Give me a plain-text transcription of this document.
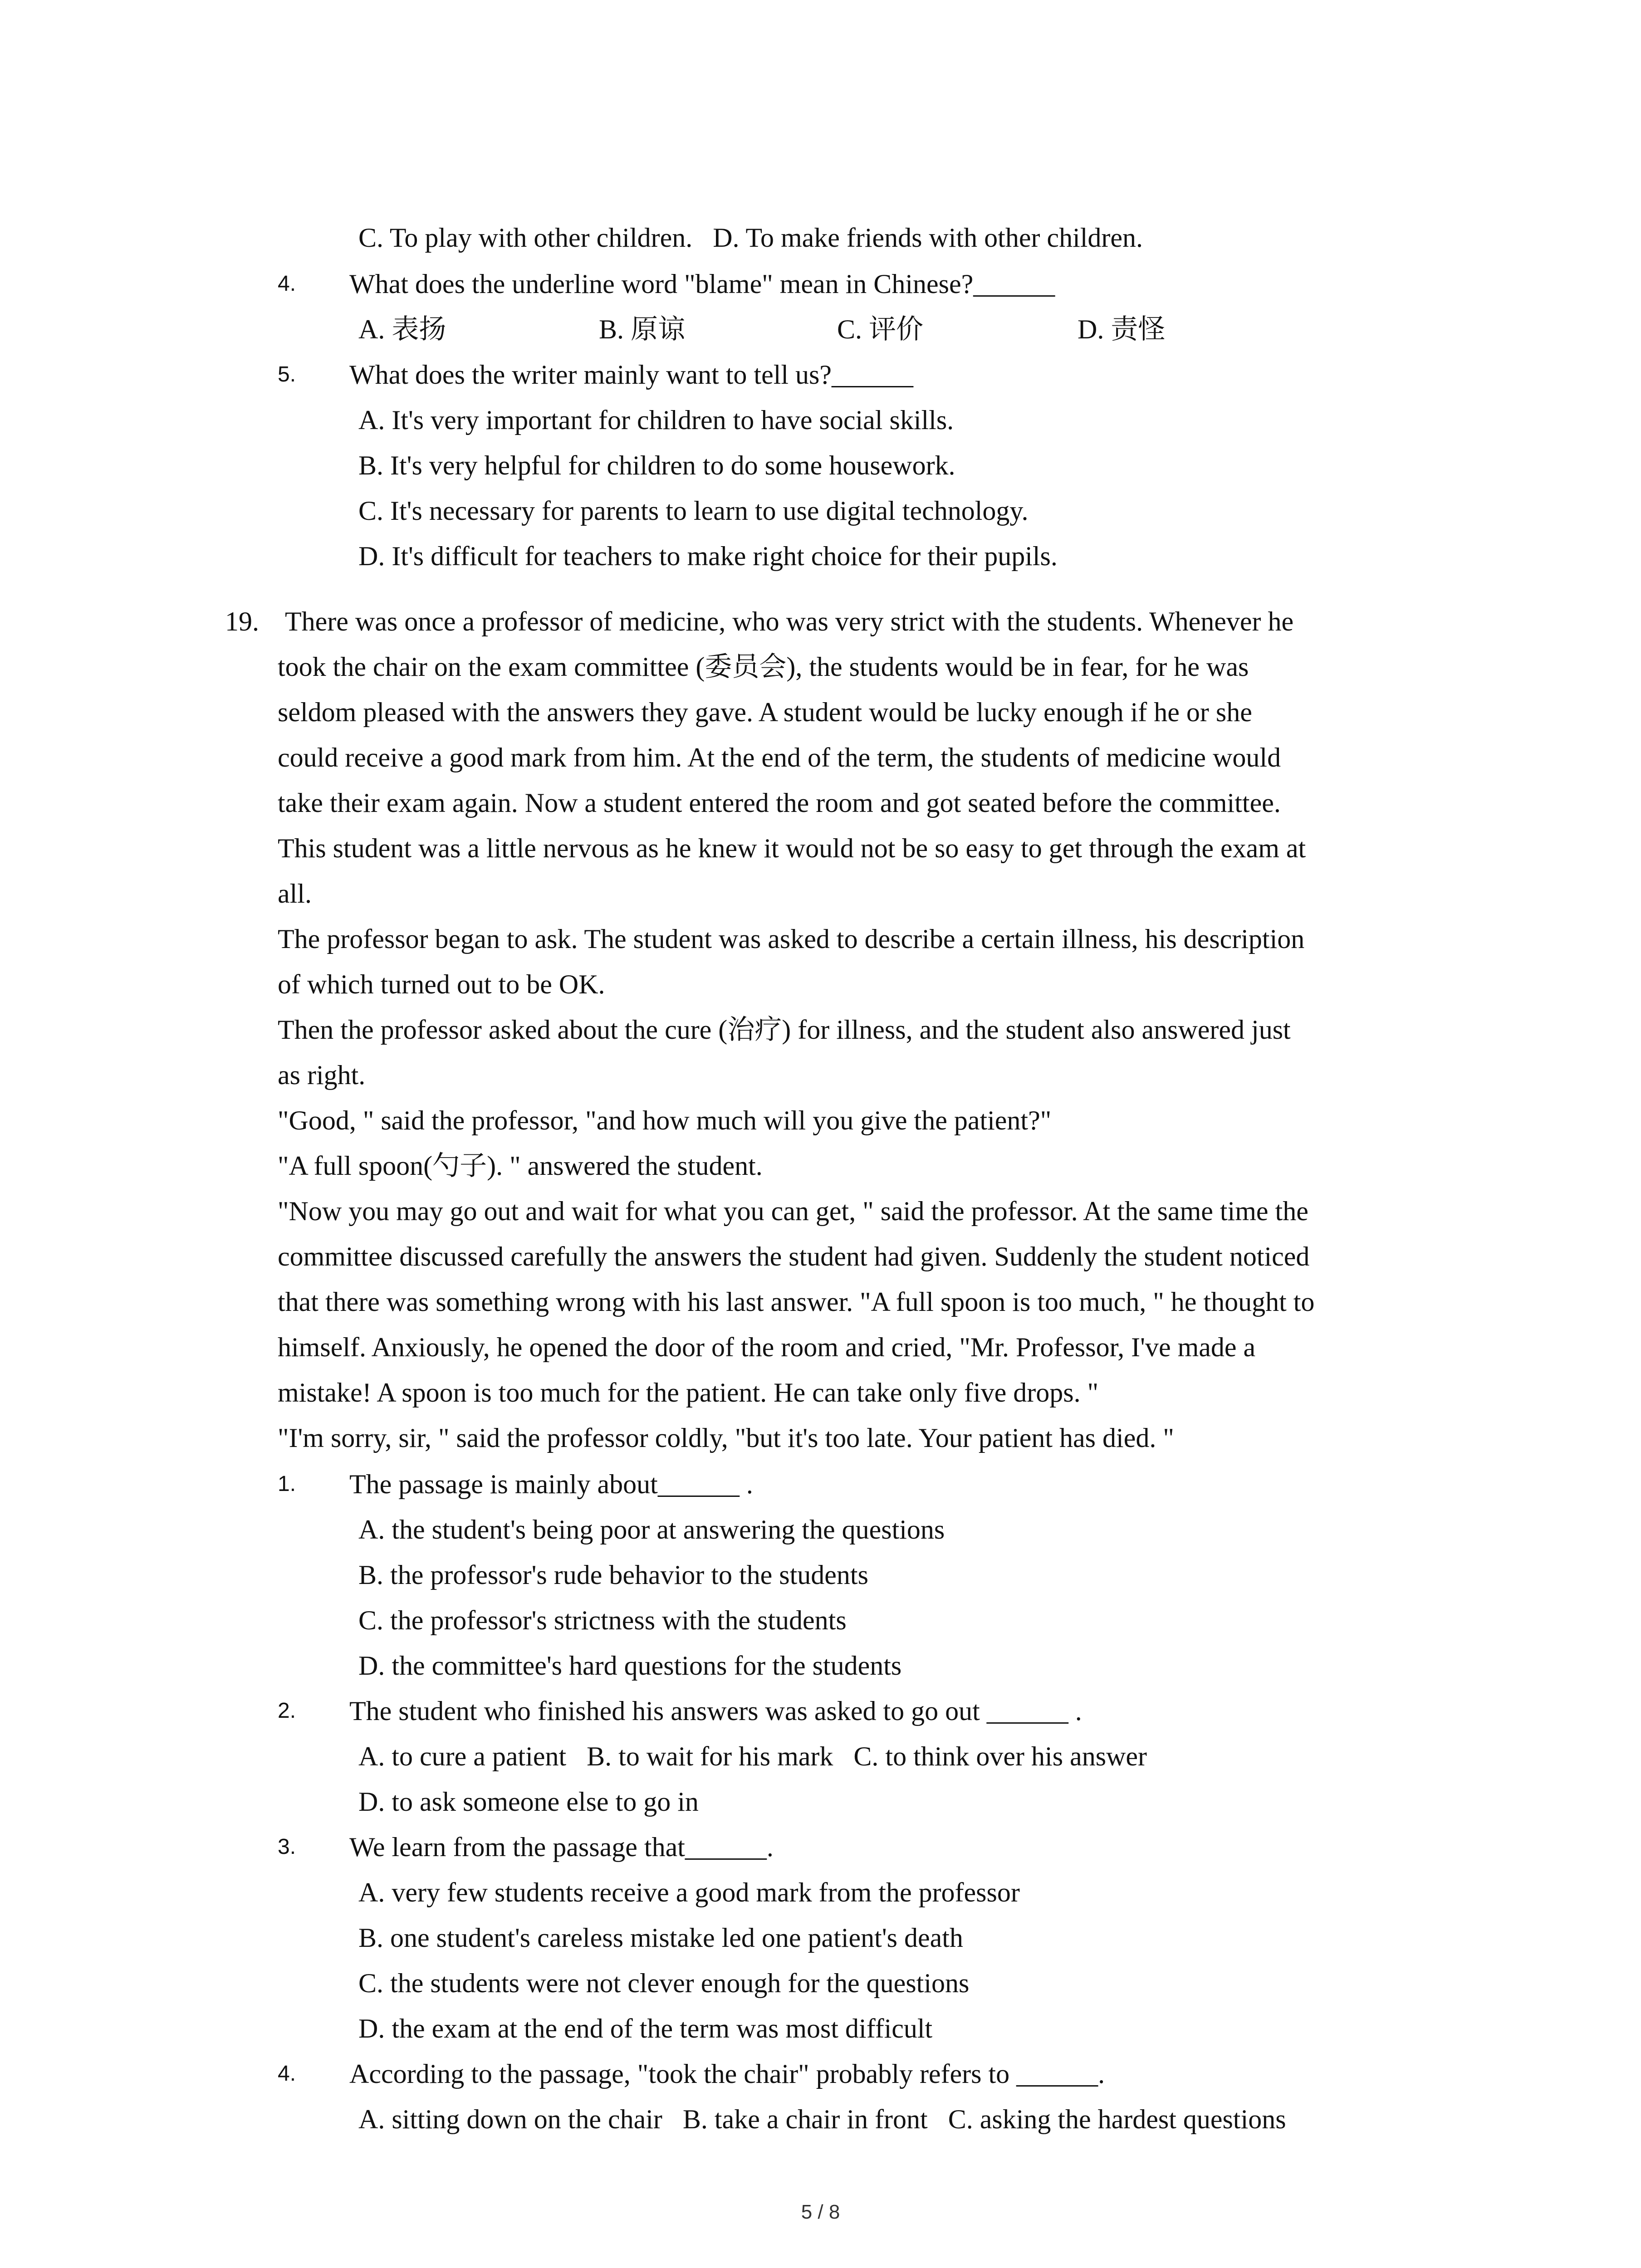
C. To play with other children.   D. To make friends with other children.
4. What does the underline word "blame" mean in Chinese?______
A. 表扬	B. 原谅	C. 评价	D. 责怪
5. What does the writer mainly want to tell us?______
A. It's very important for children to have social skills.
B. It's very helpful for children to do some housework.
C. It's necessary for parents to learn to use digital technology.
D. It's difficult for teachers to make right choice for their pupils.
19. There was once a professor of medicine, who was very strict with the students. Whenever he
took the chair on the exam committee (委员会), the students would be in fear, for he was
seldom pleased with the answers they gave. A student would be lucky enough if he or she
could receive a good mark from him. At the end of the term, the students of medicine would
take their exam again. Now a student entered the room and got seated before the committee.
This student was a little nervous as he knew it would not be so easy to get through the exam at
all.
The professor began to ask. The student was asked to describe a certain illness, his description
of which turned out to be OK.
Then the professor asked about the cure (治疗) for illness, and the student also answered just
as right.
"Good, " said the professor, "and how much will you give the patient?"
"A full spoon(勺子). " answered the student.
"Now you may go out and wait for what you can get, " said the professor. At the same time the
committee discussed carefully the answers the student had given. Suddenly the student noticed
that there was something wrong with his last answer. "A full spoon is too much, " he thought to
himself. Anxiously, he opened the door of the room and cried, "Mr. Professor, I've made a
mistake! A spoon is too much for the patient. He can take only five drops. "
"I'm sorry, sir, " said the professor coldly, "but it's too late. Your patient has died. "
1. The passage is mainly about______ .
A. the student's being poor at answering the questions
B. the professor's rude behavior to the students
C. the professor's strictness with the students
D. the committee's hard questions for the students
2. The student who finished his answers was asked to go out ______ .
A. to cure a patient   B. to wait for his mark   C. to think over his answer
D. to ask someone else to go in
3. We learn from the passage that______.
A. very few students receive a good mark from the professor
B. one student's careless mistake led one patient's death
C. the students were not clever enough for the questions
D. the exam at the end of the term was most difficult
4. According to the passage, "took the chair" probably refers to ______.
A. sitting down on the chair   B. take a chair in front   C. asking the hardest questions
5 / 8
